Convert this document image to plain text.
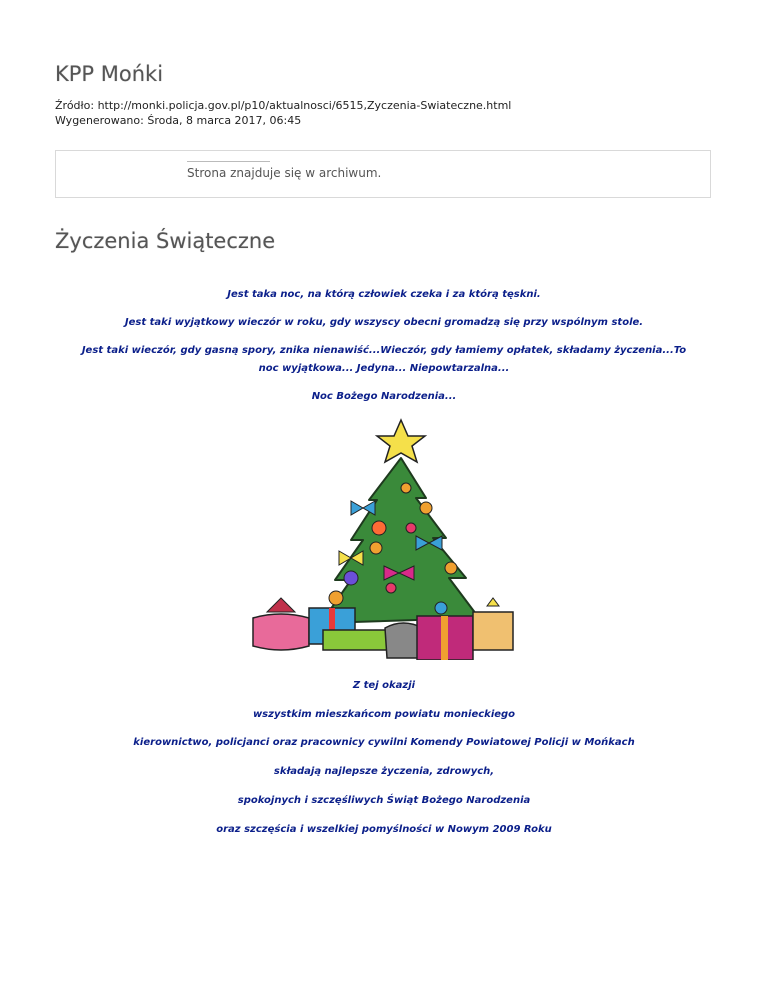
KPP Mońki
Źródło: http://monki.policja.gov.pl/p10/aktualnosci/6515,Zyczenia-Swiateczne.html
Wygenerowano: Środa, 8 marca 2017, 06:45
Strona znajduje się w archiwum.
Życzenia Świąteczne
Jest taka noc, na którą człowiek czeka i za którą tęskni.
Jest taki wyjątkowy wieczór w roku, gdy wszyscy obecni gromadzą się przy wspólnym stole.
Jest taki wieczór, gdy gasną spory, znika nienawiść...Wieczór, gdy łamiemy opłatek, składamy życzenia...To
noc wyjątkowa... Jedyna... Niepowtarzalna...
Noc Bożego Narodzenia...
Z tej okazji
wszystkim mieszkańcom powiatu monieckiego
kierownictwo, policjanci oraz pracownicy cywilni Komendy Powiatowej Policji w Mońkach
składają najlepsze życzenia, zdrowych,
spokojnych i szczęśliwych Świąt Bożego Narodzenia
oraz szczęścia i wszelkiej pomyślności w Nowym 2009 Roku
